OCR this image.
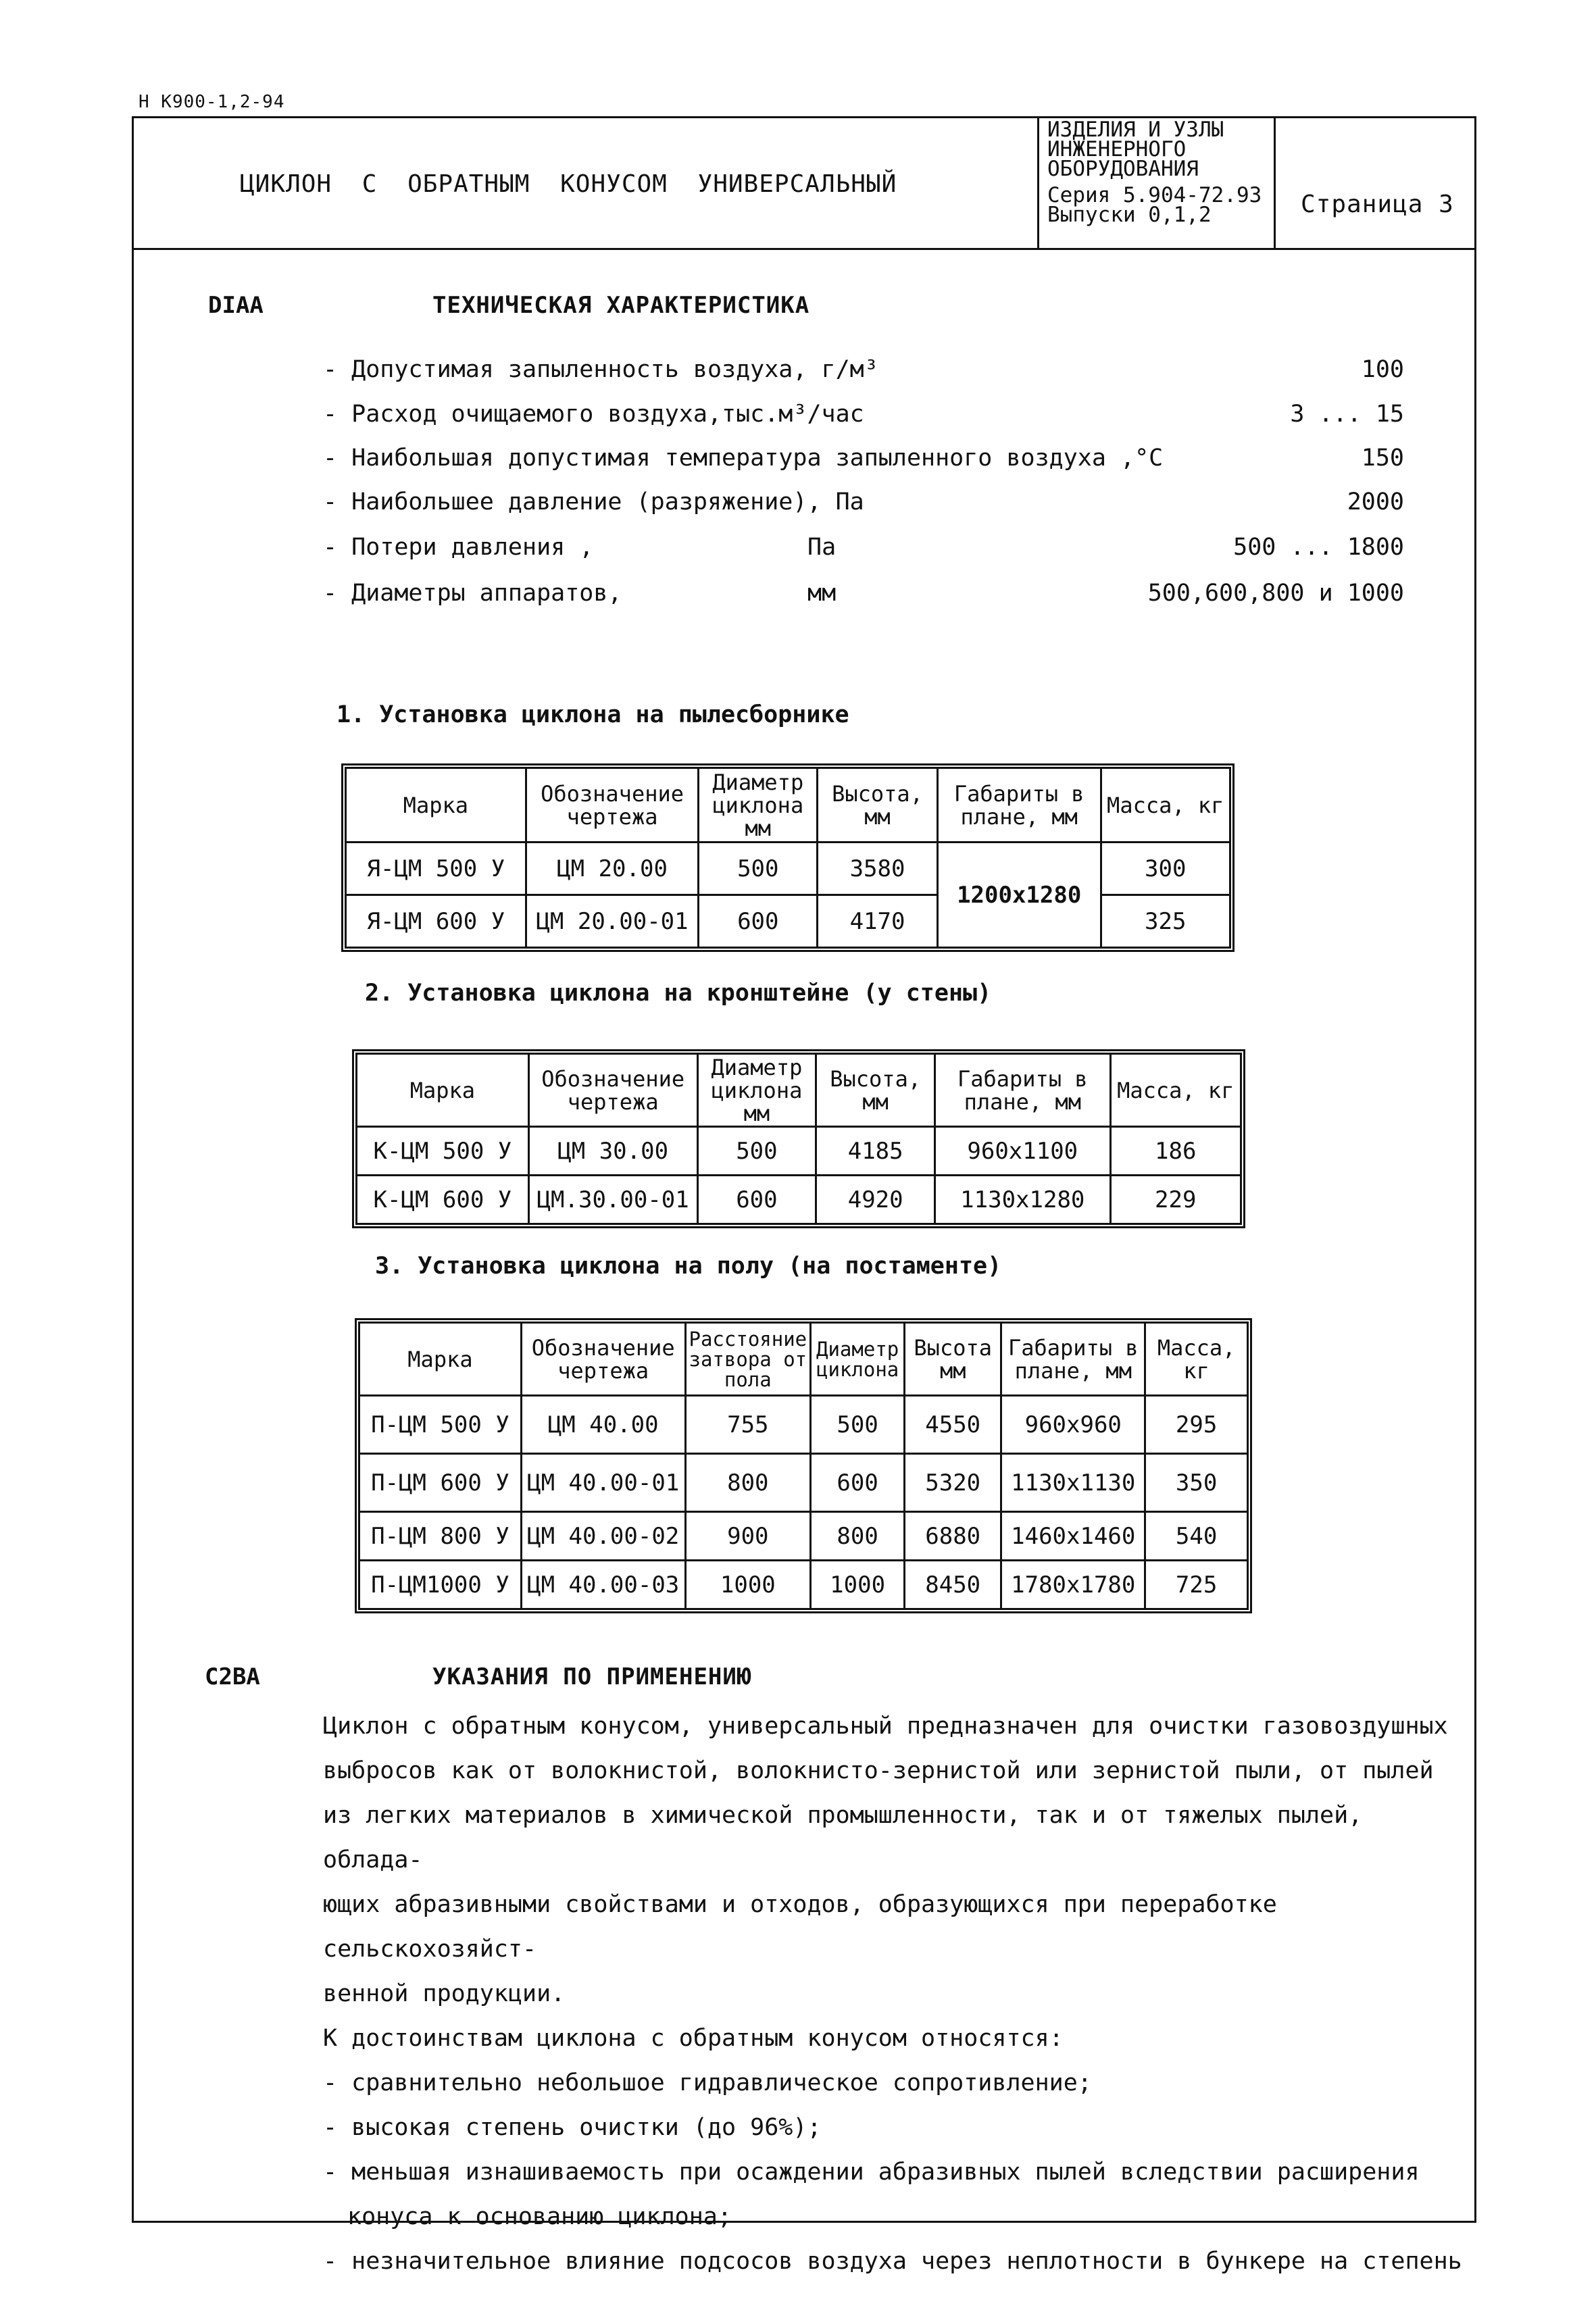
H K900-1,2-94
ЦИКЛОН С ОБРАТНЫМ КОНУСОМ УНИВЕРСАЛЬНЫЙ
ИЗДЕЛИЯ И УЗЛЫ
ИНЖЕНЕРНОГО
ОБОРУДОВАНИЯ
Серия 5.904-72.93
Выпуски 0,1,2	Страница 3
DIAA	ТЕХНИЧЕСКАЯ ХАРАКТЕРИСТИКА
- Допустимая запыленность воздуха, г/м³	100
- Расход очищаемого воздуха,тыс.м³/час	3 ... 15
- Наибольшая допустимая температура запыленного воздуха ,°С	150
- Наибольшее давление (разряжение), Па	2000
- Потери давления ,	Па	500 ... 1800
- Диаметры аппаратов,	мм	500,600,800 и 1000
1. Установка циклона на пылесборнике
Марка	Обозначение чертежа	Диаметр циклона мм	Высота, мм	Габариты в плане, мм	Масса, кг
Я-ЦМ 500 У	ЦМ 20.00	500	3580	1200x1280	300
Я-ЦМ 600 У	ЦМ 20.00-01	600	4170		325
2. Установка циклона на кронштейне (у стены)
Марка	Обозначение чертежа	Диаметр циклона мм	Высота, мм	Габариты в плане, мм	Масса, кг
К-ЦМ 500 У	ЦМ 30.00	500	4185	960x1100	186
К-ЦМ 600 У	ЦМ.30.00-01	600	4920	1130x1280	229
3. Установка циклона на полу (на постаменте)
Марка	Обозначение чертежа	Расстояние затвора от пола	Диаметр циклона	Высота мм	Габариты в плане, мм	Масса, кг
П-ЦМ 500 У	ЦМ 40.00	755	500	4550	960x960	295
П-ЦМ 600 У	ЦМ 40.00-01	800	600	5320	1130x1130	350
П-ЦМ 800 У	ЦМ 40.00-02	900	800	6880	1460x1460	540
П-ЦМ1000 У	ЦМ 40.00-03	1000	1000	8450	1780x1780	725
C2BA	УКАЗАНИЯ ПО ПРИМЕНЕНИЮ

Циклон с обратным конусом, универсальный предназначен для очистки газовоздушных

выбросов как от волокнистой, волокнисто-зернистой или зернистой пыли, от пылей

из легких материалов в химической промышленности, так и от тяжелых пылей, облада-

ющих абразивными свойствами и отходов, образующихся при переработке сельскохозяйст-

венной продукции.

К достоинствам циклона с обратным конусом относятся:

- сравнительно небольшое гидравлическое сопротивление;

- высокая степень очистки (до 96%);

- меньшая изнашиваемость при осаждении абразивных пылей вследствии расширения

конуса к основанию циклона;

- незначительное влияние подсосов воздуха через неплотности в бункере на степень
